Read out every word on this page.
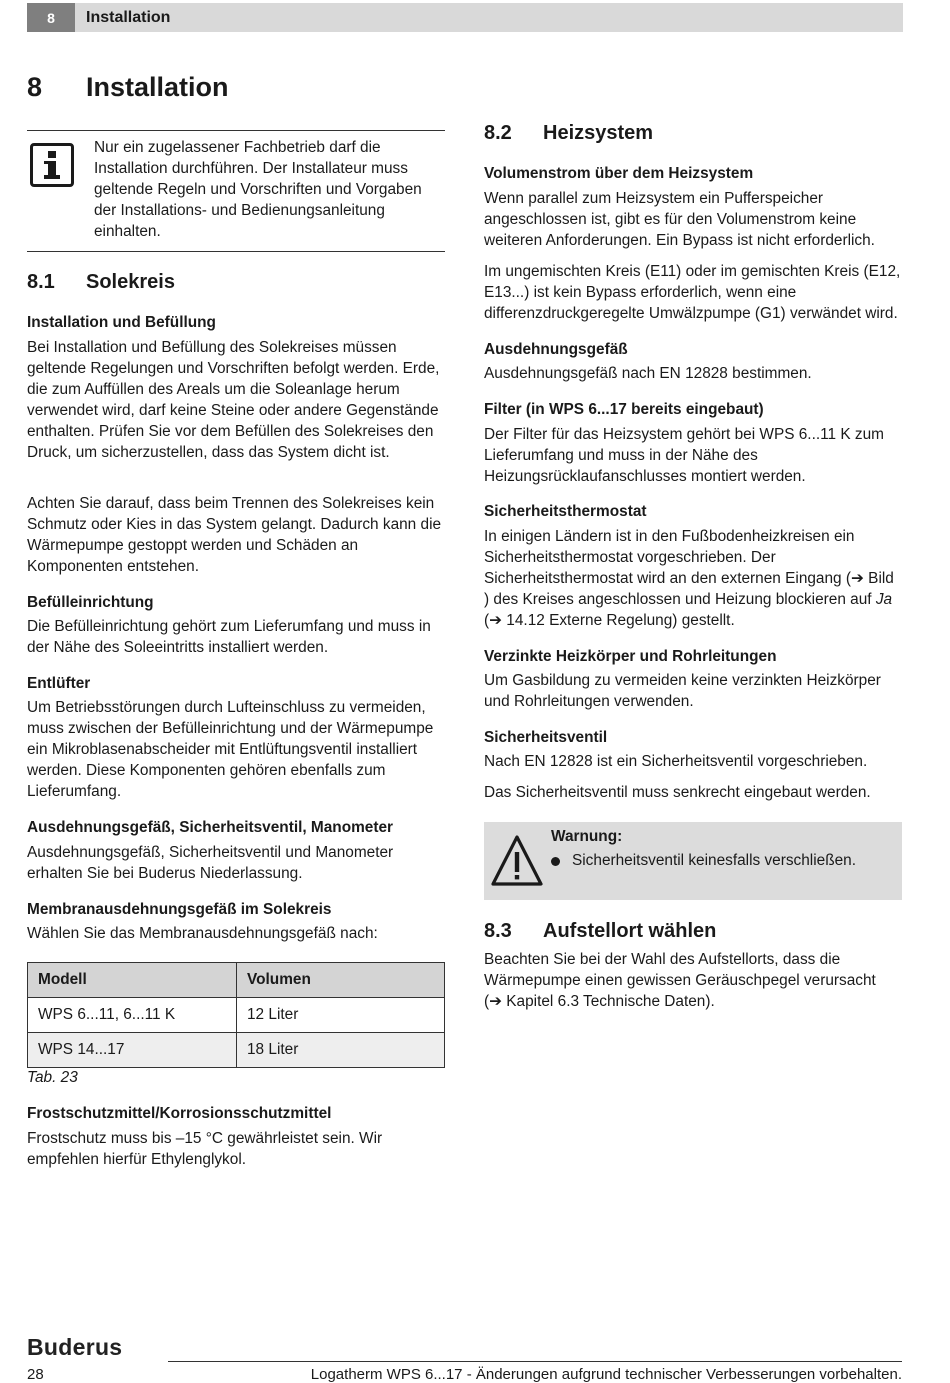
8	Installation
8 Installation

Nur ein zugelassener Fachbetrieb darf die Installation durchführen. Der Installateur muss geltende Regeln und Vorschriften und Vorgaben der Installations- und Bedienungsanleitung einhalten.

8.1 Solekreis
Installation und Befüllung

Bei Installation und Befüllung des Solekreises müssen geltende Regelungen und Vorschriften befolgt werden. Erde, die zum Auffüllen des Areals um die Soleanlage herum verwendet wird, darf keine Steine oder andere Gegenstände enthalten. Prüfen Sie vor dem Befüllen des Solekreises den Druck, um sicherzustellen, dass das System dicht ist.

Achten Sie darauf, dass beim Trennen des Solekreises kein Schmutz oder Kies in das System gelangt. Dadurch kann die Wärmepumpe gestoppt werden und Schäden an Komponenten entstehen.

Befülleinrichtung

Die Befülleinrichtung gehört zum Lieferumfang und muss in der Nähe des Soleeintritts installiert werden.

Entlüfter

Um Betriebsstörungen durch Lufteinschluss zu vermeiden, muss zwischen der Befülleinrichtung und der Wärmepumpe ein Mikroblasenabscheider mit Entlüftungsventil installiert werden. Diese Komponenten gehören ebenfalls zum Lieferumfang.

Ausdehnungsgefäß, Sicherheitsventil, Manometer

Ausdehnungsgefäß, Sicherheitsventil und Manometer erhalten Sie bei Buderus Niederlassung.

Membranausdehnungsgefäß im Solekreis

Wählen Sie das Membranausdehnungsgefäß nach:

Modell	Volumen
WPS 6...11, 6...11 K	12 Liter
WPS 14...17	18 Liter
Tab. 23
Frostschutzmittel/Korrosionsschutzmittel

Frostschutz muss bis –15 °C gewährleistet sein. Wir empfehlen hierfür Ethylenglykol.

8.2 Heizsystem
Volumenstrom über dem Heizsystem

Wenn parallel zum Heizsystem ein Pufferspeicher angeschlossen ist, gibt es für den Volumenstrom keine weiteren Anforderungen. Ein Bypass ist nicht erforderlich.

Im ungemischten Kreis (E11) oder im gemischten Kreis (E12, E13...) ist kein Bypass erforderlich, wenn eine differenzdruckgeregelte Umwälzpumpe (G1) verwändet wird.

Ausdehnungsgefäß

Ausdehnungsgefäß nach EN 12828 bestimmen.

Filter (in WPS 6...17 bereits eingebaut)

Der Filter für das Heizsystem gehört bei WPS 6...11 K zum Lieferumfang und muss in der Nähe des Heizungsrücklaufanschlusses montiert werden.

Sicherheitsthermostat

In einigen Ländern ist in den Fußbodenheizkreisen ein Sicherheitsthermostat vorgeschrieben. Der Sicherheitsthermostat wird an den externen Eingang (➔ Bild ) des Kreises angeschlossen und Heizung blockieren auf Ja (➔ 14.12 Externe Regelung) gestellt.

Verzinkte Heizkörper und Rohrleitungen

Um Gasbildung zu vermeiden keine verzinkten Heizkörper und Rohrleitungen verwenden.

Sicherheitsventil

Nach EN 12828 ist ein Sicherheitsventil vorgeschrieben.

Das Sicherheitsventil muss senkrecht eingebaut werden.

Warnung:
Sicherheitsventil keinesfalls verschließen.
8.3 Aufstellort wählen

Beachten Sie bei der Wahl des Aufstellorts, dass die Wärmepumpe einen gewissen Geräuschpegel verursacht (➔ Kapitel 6.3 Technische Daten).

Buderus
28	Logatherm WPS 6...17 - Änderungen aufgrund technischer Verbesserungen vorbehalten.
